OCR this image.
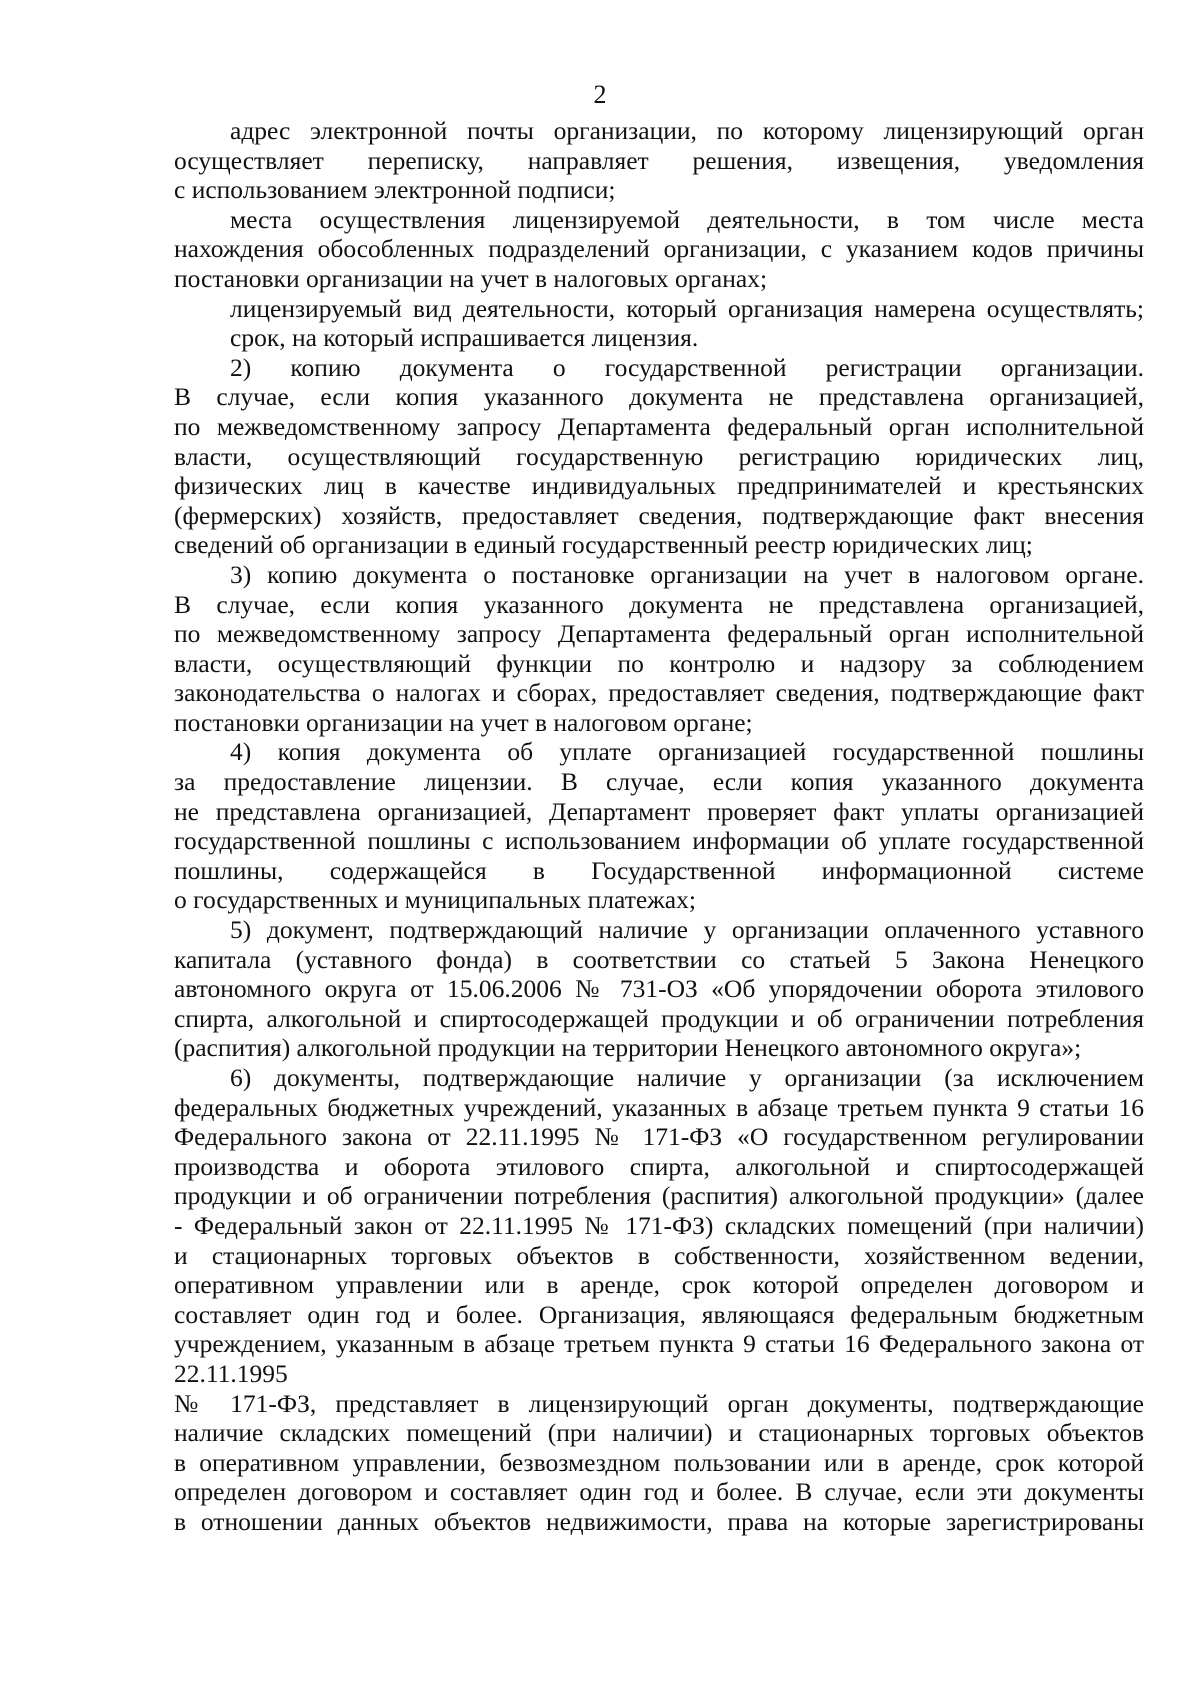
2
адрес электронной почты организации, по которому лицензирующий орган
осуществляет переписку, направляет решения, извещения, уведомления
с использованием электронной подписи;
места осуществления лицензируемой деятельности, в том числе места
нахождения обособленных подразделений организации, с указанием кодов причины
постановки организации на учет в налоговых органах;
лицензируемый вид деятельности, который организация намерена осуществлять;
срок, на который испрашивается лицензия.
2) копию документа о государственной регистрации организации.
В случае, если копия указанного документа не представлена организацией,
по межведомственному запросу Департамента федеральный орган исполнительной
власти, осуществляющий государственную регистрацию юридических лиц,
физических лиц в качестве индивидуальных предпринимателей и крестьянских
(фермерских) хозяйств, предоставляет сведения, подтверждающие факт внесения
сведений об организации в единый государственный реестр юридических лиц;
3) копию документа о постановке организации на учет в налоговом органе.
В случае, если копия указанного документа не представлена организацией,
по межведомственному запросу Департамента федеральный орган исполнительной
власти, осуществляющий функции по контролю и надзору за соблюдением
законодательства о налогах и сборах, предоставляет сведения, подтверждающие факт
постановки организации на учет в налоговом органе;
4) копия документа об уплате организацией государственной пошлины
за предоставление лицензии. В случае, если копия указанного документа
не представлена организацией, Департамент проверяет факт уплаты организацией
государственной пошлины с использованием информации об уплате государственной
пошлины, содержащейся в Государственной информационной системе
о государственных и муниципальных платежах;
5) документ, подтверждающий наличие у организации оплаченного уставного
капитала (уставного фонда) в соответствии со статьей 5 Закона Ненецкого
автономного округа от 15.06.2006 № 731-ОЗ «Об упорядочении оборота этилового
спирта, алкогольной и спиртосодержащей продукции и об ограничении потребления
(распития) алкогольной продукции на территории Ненецкого автономного округа»;
6) документы, подтверждающие наличие у организации (за исключением
федеральных бюджетных учреждений, указанных в абзаце третьем пункта 9 статьи 16
Федерального закона от 22.11.1995 № 171-ФЗ «О государственном регулировании
производства и оборота этилового спирта, алкогольной и спиртосодержащей
продукции и об ограничении потребления (распития) алкогольной продукции» (далее
- Федеральный закон от 22.11.1995 № 171-ФЗ) складских помещений (при наличии)
и стационарных торговых объектов в собственности, хозяйственном ведении,
оперативном управлении или в аренде, срок которой определен договором и
составляет один год и более. Организация, являющаяся федеральным бюджетным
учреждением, указанным в абзаце третьем пункта 9 статьи 16 Федерального закона от
22.11.1995
№ 171-ФЗ, представляет в лицензирующий орган документы, подтверждающие
наличие складских помещений (при наличии) и стационарных торговых объектов
в оперативном управлении, безвозмездном пользовании или в аренде, срок которой
определен договором и составляет один год и более. В случае, если эти документы
в отношении данных объектов недвижимости, права на которые зарегистрированы
